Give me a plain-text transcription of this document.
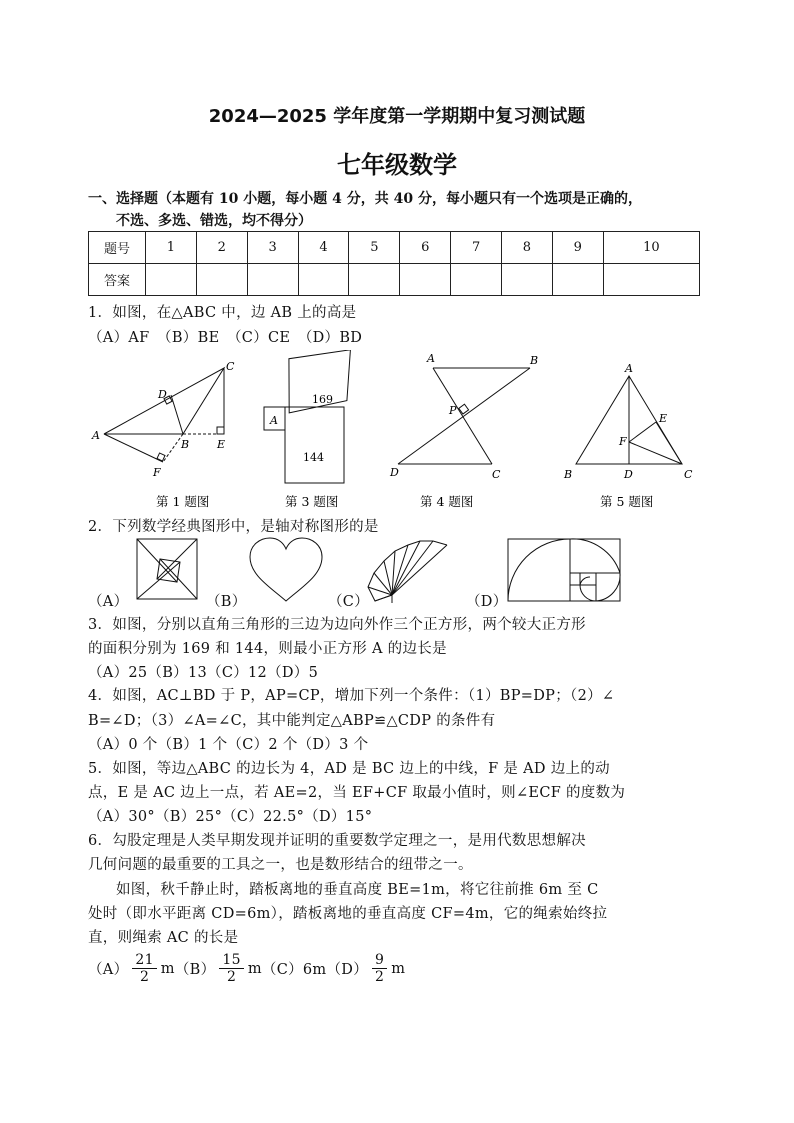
2024—2025 学年度第一学期期中复习测试题
七年级数学
一、选择题（本题有 10 小题，每小题 4 分，共 40 分，每小题只有一个选项是正确的，
不选、多选、错选，均不得分）
题号	1	2	3	4	5	6	7	8	9	10
答案										
1．如图，在△ABC 中，边 AB 上的高是
（A）AF　（B）BE　（C）CE　（D）BD
A
B
C
D
E
F
第 1 题图
169
144
A
第 3 题图
A	B
C
D
P
第 4 题图
A
B	C
D
E
F
第 5 题图
2．下列数学经典图形中，是轴对称图形的是
（A）	（B）	（C）	（D）
3．如图，分别以直角三角形的三边为边向外作三个正方形，两个较大正方形
的面积分别为 169 和 144，则最小正方形 A 的边长是
（A）25（B）13（C）12（D）5
4．如图，AC⊥BD 于 P，AP=CP，增加下列一个条件：（1）BP=DP；（2）∠
B=∠D；（3）∠A=∠C，其中能判定△ABP≌△CDP 的条件有
（A）0 个（B）1 个（C）2 个（D）3 个
5．如图，等边△ABC 的边长为 4，AD 是 BC 边上的中线，F 是 AD 边上的动
点，E 是 AC 边上一点，若 AE=2，当 EF+CF 取最小值时，则∠ECF 的度数为
（A）30°（B）25°（C）22.5°（D）15°
6．勾股定理是人类早期发现并证明的重要数学定理之一，是用代数思想解决
几何问题的最重要的工具之一，也是数形结合的纽带之一。
如图，秋千静止时，踏板离地的垂直高度 BE=1m，将它往前推 6m 至 C
处时（即水平距离 CD=6m），踏板离地的垂直高度 CF=4m，它的绳索始终拉
直，则绳索 AC 的长是
$(A) \frac{21}{2}$ m $(B) \frac{15}{2}$ m （C）6m $(D) \frac{9}{2}$ m
